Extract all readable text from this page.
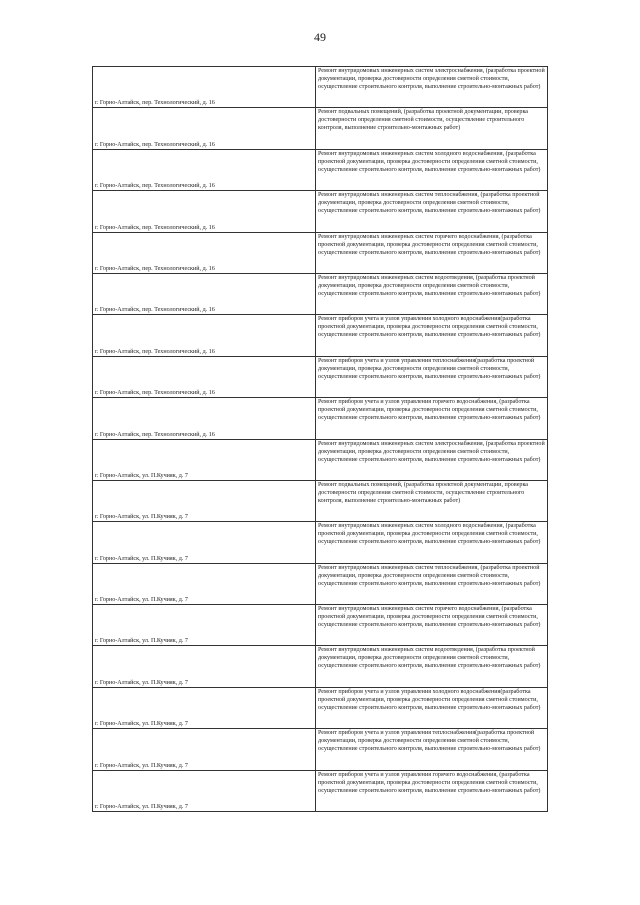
49
г. Горно-Алтайск, пер. Технологический, д. 16	Ремонт внутридомовых инженерных систем электроснабжения, (разработка проектной документации, проверка достоверности определения сметной стоимости, осуществление строительного контроля, выполнение строительно-монтажных работ)
г. Горно-Алтайск, пер. Технологический, д. 16	Ремонт подвальных помещений, (разработка проектной документации, проверка достоверности определения сметной стоимости, осуществление строительного контроля, выполнение строительно-монтажных работ)
г. Горно-Алтайск, пер. Технологический, д. 16	Ремонт внутридомовых инженерных систем холодного водоснабжения, (разработка проектной документации, проверка достоверности определения сметной стоимости, осуществление строительного контроля, выполнение строительно-монтажных работ)
г. Горно-Алтайск, пер. Технологический, д. 16	Ремонт внутридомовых инженерных систем теплоснабжения, (разработка проектной документации, проверка достоверности определения сметной стоимости, осуществление строительного контроля, выполнение строительно-монтажных работ)
г. Горно-Алтайск, пер. Технологический, д. 16	Ремонт внутридомовых инженерных систем горячего водоснабжения, (разработка проектной документации, проверка достоверности определения сметной стоимости, осуществление строительного контроля, выполнение строительно-монтажных работ)
г. Горно-Алтайск, пер. Технологический, д. 16	Ремонт внутридомовых инженерных систем водоотведения, (разработка проектной документации, проверка достоверности определения сметной стоимости, осуществление строительного контроля, выполнение строительно-монтажных работ)
г. Горно-Алтайск, пер. Технологический, д. 16	Ремонт приборов учета и узлов управления холодного водоснабжения(разработка проектной документации, проверка достоверности определения сметной стоимости, осуществление строительного контроля, выполнение строительно-монтажных работ)
г. Горно-Алтайск, пер. Технологический, д. 16	Ремонт приборов учета и узлов управления теплоснабжения(разработка проектной документации, проверка достоверности определения сметной стоимости, осуществление строительного контроля, выполнение строительно-монтажных работ)
г. Горно-Алтайск, пер. Технологический, д. 16	Ремонт приборов учета и узлов управления горячего водоснабжения, (разработка проектной документации, проверка достоверности определения сметной стоимости, осуществление строительного контроля, выполнение строительно-монтажных работ)
г. Горно-Алтайск, ул. П.Кучияк, д. 7	Ремонт внутридомовых инженерных систем электроснабжения, (разработка проектной документации, проверка достоверности определения сметной стоимости, осуществление строительного контроля, выполнение строительно-монтажных работ)
г. Горно-Алтайск, ул. П.Кучияк, д. 7	Ремонт подвальных помещений, (разработка проектной документации, проверка достоверности определения сметной стоимости, осуществление строительного контроля, выполнение строительно-монтажных работ)
г. Горно-Алтайск, ул. П.Кучияк, д. 7	Ремонт внутридомовых инженерных систем холодного водоснабжения, (разработка проектной документации, проверка достоверности определения сметной стоимости, осуществление строительного контроля, выполнение строительно-монтажных работ)
г. Горно-Алтайск, ул. П.Кучияк, д. 7	Ремонт внутридомовых инженерных систем теплоснабжения, (разработка проектной документации, проверка достоверности определения сметной стоимости, осуществление строительного контроля, выполнение строительно-монтажных работ)
г. Горно-Алтайск, ул. П.Кучияк, д. 7	Ремонт внутридомовых инженерных систем горячего водоснабжения, (разработка проектной документации, проверка достоверности определения сметной стоимости, осуществление строительного контроля, выполнение строительно-монтажных работ)
г. Горно-Алтайск, ул. П.Кучияк, д. 7	Ремонт внутридомовых инженерных систем водоотведения, (разработка проектной документации, проверка достоверности определения сметной стоимости, осуществление строительного контроля, выполнение строительно-монтажных работ)
г. Горно-Алтайск, ул. П.Кучияк, д. 7	Ремонт приборов учета и узлов управления холодного водоснабжения(разработка проектной документации, проверка достоверности определения сметной стоимости, осуществление строительного контроля, выполнение строительно-монтажных работ)
г. Горно-Алтайск, ул. П.Кучияк, д. 7	Ремонт приборов учета и узлов управления теплоснабжения(разработка проектной документации, проверка достоверности определения сметной стоимости, осуществление строительного контроля, выполнение строительно-монтажных работ)
г. Горно-Алтайск, ул. П.Кучияк, д. 7	Ремонт приборов учета и узлов управления горячего водоснабжения, (разработка проектной документации, проверка достоверности определения сметной стоимости, осуществление строительного контроля, выполнение строительно-монтажных работ)
